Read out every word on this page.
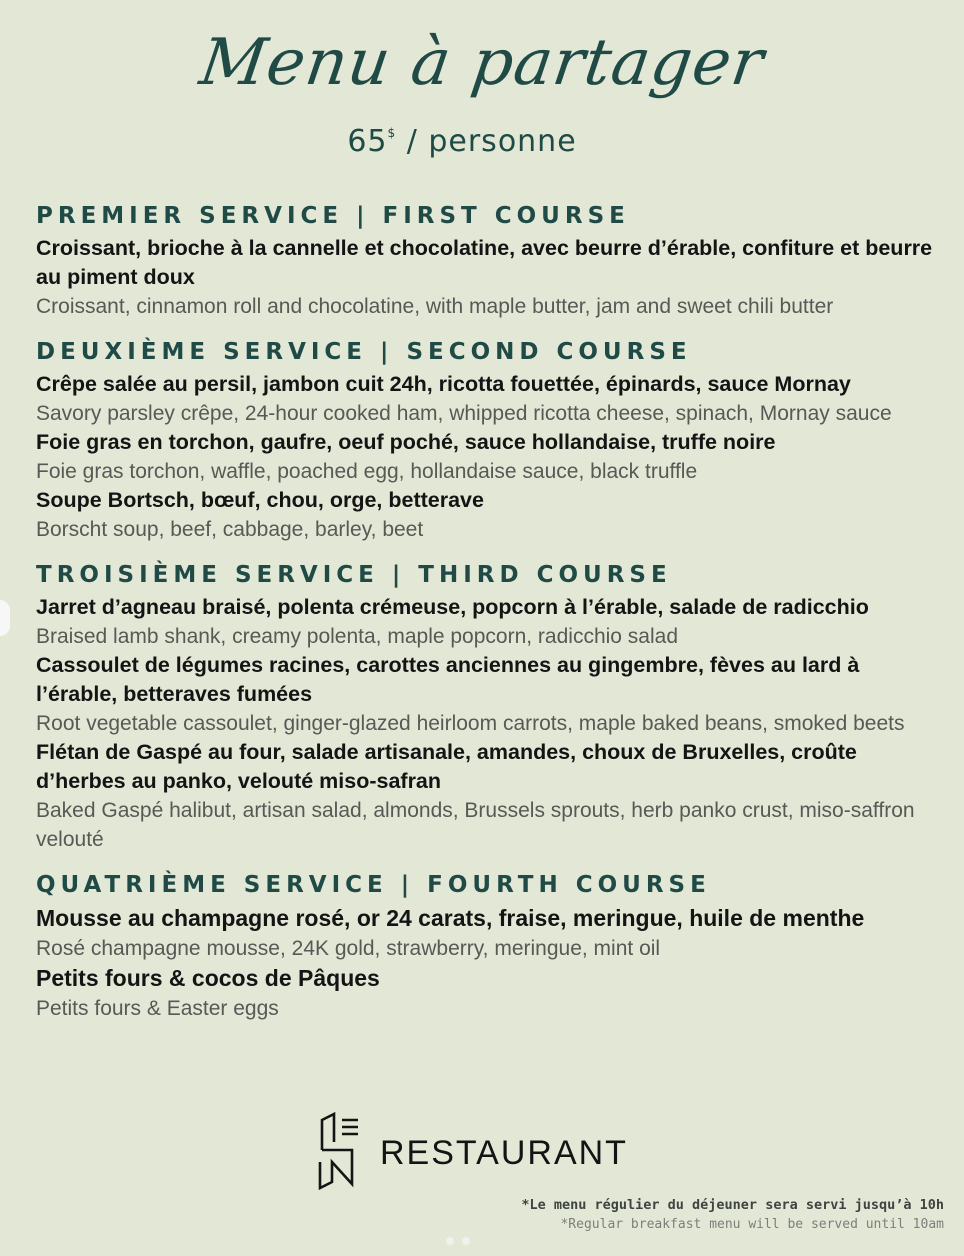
Menu à partager
65$ / personne
PREMIER SERVICE | FIRST COURSE
Croissant, brioche à la cannelle et chocolatine, avec beurre d’érable, confiture et beurre au piment doux
Croissant, cinnamon roll and chocolatine, with maple butter, jam and sweet chili butter
DEUXIÈME SERVICE | SECOND COURSE
Crêpe salée au persil, jambon cuit 24h, ricotta fouettée, épinards, sauce Mornay
Savory parsley crêpe, 24-hour cooked ham, whipped ricotta cheese, spinach, Mornay sauce
Foie gras en torchon, gaufre, oeuf poché, sauce hollandaise, truffe noire
Foie gras torchon, waffle, poached egg, hollandaise sauce, black truffle
Soupe Bortsch, bœuf, chou, orge, betterave
Borscht soup, beef, cabbage, barley, beet
TROISIÈME SERVICE | THIRD COURSE
Jarret d’agneau braisé, polenta crémeuse, popcorn à l’érable, salade de radicchio
Braised lamb shank, creamy polenta, maple popcorn, radicchio salad
Cassoulet de légumes racines, carottes anciennes au gingembre, fèves au lard à l’érable, betteraves fumées
Root vegetable cassoulet, ginger-glazed heirloom carrots, maple baked beans, smoked beets
Flétan de Gaspé au four, salade artisanale, amandes, choux de Bruxelles, croûte d’herbes au panko, velouté miso-safran
Baked Gaspé halibut, artisan salad, almonds, Brussels sprouts, herb panko crust, miso-saffron velouté
QUATRIÈME SERVICE | FOURTH COURSE
Mousse au champagne rosé, or 24 carats, fraise, meringue, huile de menthe
Rosé champagne mousse, 24K gold, strawberry, meringue, mint oil
Petits fours & cocos de Pâques
Petits fours & Easter eggs
RESTAURANT
*Le menu régulier du déjeuner sera servi jusqu’à 10h
*Regular breakfast menu will be served until 10am
